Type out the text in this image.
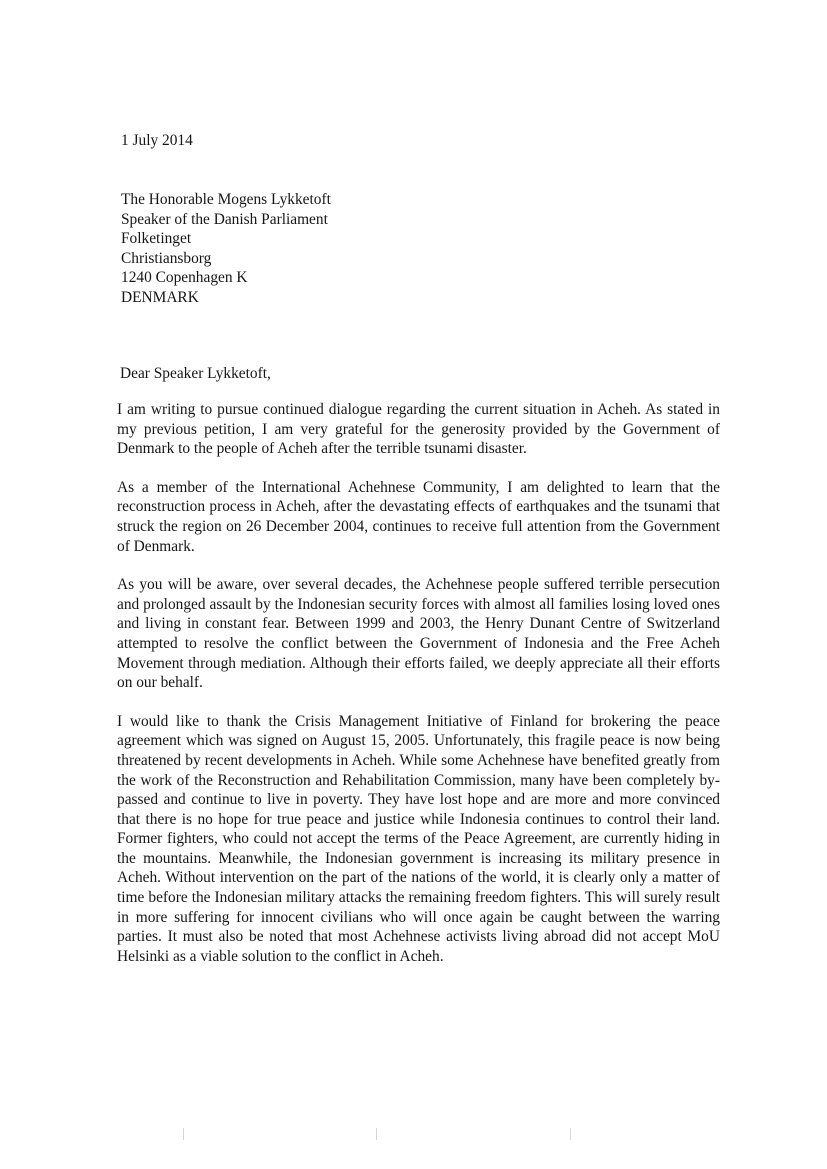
1 July 2014

The Honorable Mogens Lykketoft
Speaker of the Danish Parliament
Folketinget
Christiansborg
1240 Copenhagen K
DENMARK

Dear Speaker Lykketoft,

I am writing to pursue continued dialogue regarding the current situation in Acheh. As stated in my previous petition, I am very grateful for the generosity provided by the Government of Denmark to the people of Acheh after the terrible tsunami disaster.

As a member of the International Achehnese Community, I am delighted to learn that the reconstruction process in Acheh, after the devastating effects of earthquakes and the tsunami that struck the region on 26 December 2004, continues to receive full attention from the Government of Denmark.

As you will be aware, over several decades, the Achehnese people suffered terrible persecution and prolonged assault by the Indonesian security forces with almost all families losing loved ones and living in constant fear. Between 1999 and 2003, the Henry Dunant Centre of Switzerland attempted to resolve the conflict between the Government of Indonesia and the Free Acheh Movement through mediation. Although their efforts failed, we deeply appreciate all their efforts on our behalf.

I would like to thank the Crisis Management Initiative of Finland for brokering the peace agreement which was signed on August 15, 2005. Unfortunately, this fragile peace is now being threatened by recent developments in Acheh. While some Achehnese have benefited greatly from the work of the Reconstruction and Rehabilitation Commission, many have been completely by-passed and continue to live in poverty. They have lost hope and are more and more convinced that there is no hope for true peace and justice while Indonesia continues to control their land. Former fighters, who could not accept the terms of the Peace Agreement, are currently hiding in the mountains. Meanwhile, the Indonesian government is increasing its military presence in Acheh. Without intervention on the part of the nations of the world, it is clearly only a matter of time before the Indonesian military attacks the remaining freedom fighters. This will surely result in more suffering for innocent civilians who will once again be caught between the warring parties. It must also be noted that most Achehnese activists living abroad did not accept MoU Helsinki as a viable solution to the conflict in Acheh.
